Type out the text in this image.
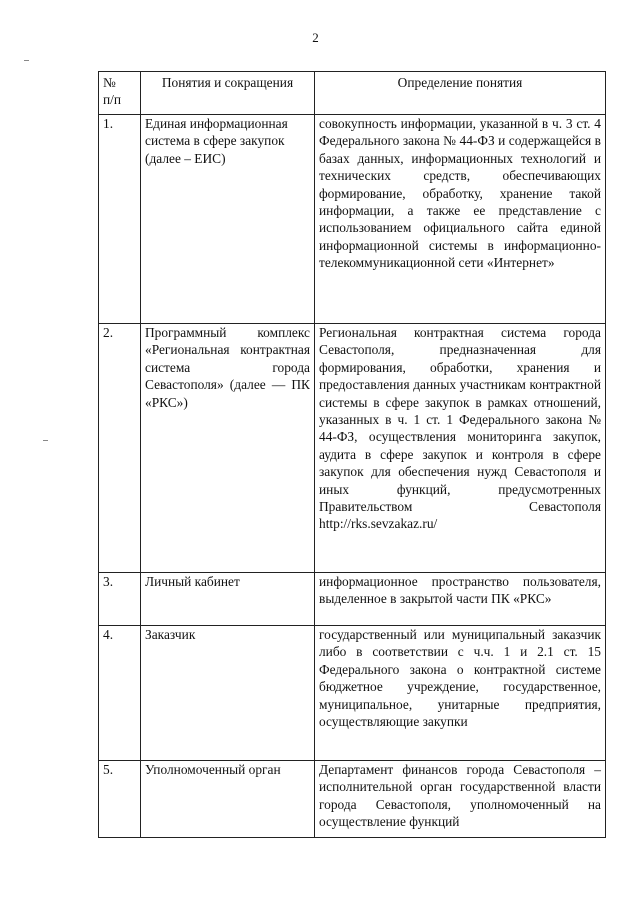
2
№
п/п	Понятия и сокращения	Определение понятия
1.	Единая информационная система в сфере закупок (далее – ЕИС)	совокупность информации, указанной в ч. 3 ст. 4 Федерального закона № 44-ФЗ и содержащейся в базах данных, информационных технологий и технических средств, обеспечивающих формирование, обработку, хранение такой информации, а также ее представление с использованием официального сайта единой информационной системы в информационно-телекоммуникационной сети «Интернет»
2.	Программный комплекс «Региональная контрактная система города Севастополя» (далее — ПК «РКС»)	Региональная контрактная система города Севастополя, предназначенная для формирования, обработки, хранения и предоставления данных участникам контрактной системы в сфере закупок в рамках отношений, указанных в ч. 1 ст. 1 Федерального закона № 44-ФЗ, осуществления мониторинга закупок, аудита в сфере закупок и контроля в сфере закупок для обеспечения нужд Севастополя и иных функций, предусмотренных Правительством Севастополя http://rks.sevzakaz.ru/
3.	Личный кабинет	информационное пространство пользователя, выделенное в закрытой части ПК «РКС»
4.	Заказчик	государственный или муниципальный заказчик либо в соответствии с ч.ч. 1 и 2.1 ст. 15 Федерального закона о контрактной системе бюджетное учреждение, государственное, муниципальное, унитарные предприятия, осуществляющие закупки
5.	Уполномоченный орган	Департамент финансов города Севастополя – исполнительной орган государственной власти города Севастополя, уполномоченный на осуществление функций
